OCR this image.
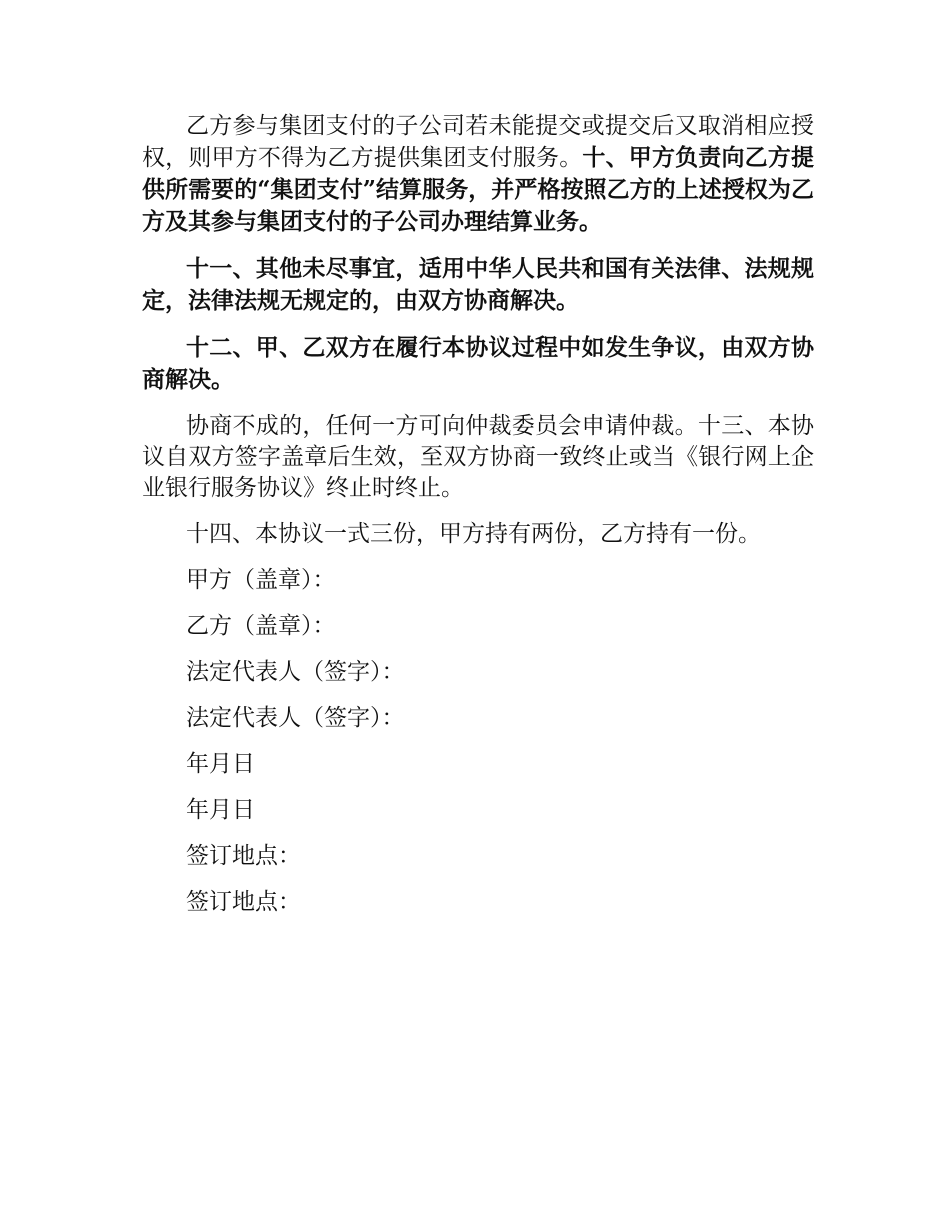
乙方参与集团支付的子公司若未能提交或提交后又取消相应授权，则甲方不得为乙方提供集团支付服务。十、甲方负责向乙方提供所需要的“集团支付”结算服务，并严格按照乙方的上述授权为乙方及其参与集团支付的子公司办理结算业务。

十一、其他未尽事宜，适用中华人民共和国有关法律、法规规定，法律法规无规定的，由双方协商解决。

十二、甲、乙双方在履行本协议过程中如发生争议，由双方协商解决。

协商不成的，任何一方可向仲裁委员会申请仲裁。十三、本协议自双方签字盖章后生效，至双方协商一致终止或当《银行网上企业银行服务协议》终止时终止。

十四、本协议一式三份，甲方持有两份，乙方持有一份。

甲方（盖章）：
乙方（盖章）：
法定代表人（签字）：
法定代表人（签字）：
年月日
年月日
签订地点：
签订地点：
